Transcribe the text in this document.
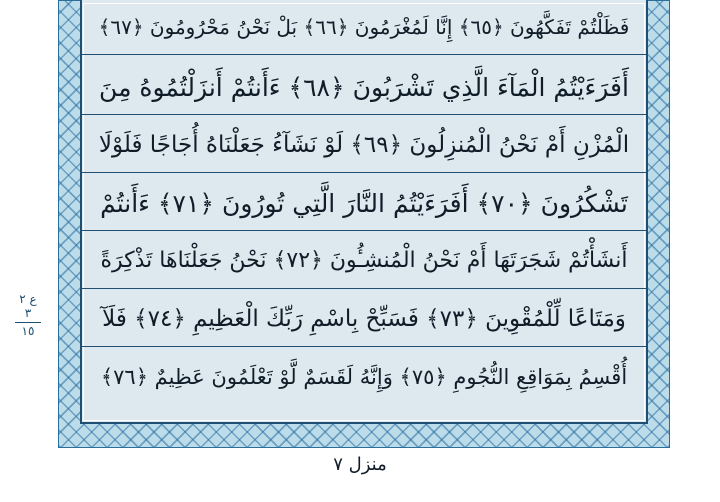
فَظَلْتُمْ تَفَكَّهُونَ ﴿٦٥﴾ إِنَّا لَمُغْرَمُونَ ﴿٦٦﴾ بَلْ نَحْنُ مَحْرُومُونَ ﴿٦٧﴾
أَفَرَءَيْتُمُ الْمَآءَ الَّذِي تَشْرَبُونَ ﴿٦٨﴾ ءَأَنتُمْ أَنزَلْتُمُوهُ مِنَ
الْمُزْنِ أَمْ نَحْنُ الْمُنزِلُونَ ﴿٦٩﴾ لَوْ نَشَآءُ جَعَلْنَاهُ أُجَاجًا فَلَوْلَا
تَشْكُرُونَ ﴿٧٠﴾ أَفَرَءَيْتُمُ النَّارَ الَّتِي تُورُونَ ﴿٧١﴾ ءَأَنتُمْ
أَنشَأْتُمْ شَجَرَتَهَا أَمْ نَحْنُ الْمُنشِـُٔونَ ﴿٧٢﴾ نَحْنُ جَعَلْنَاهَا تَذْكِرَةً
وَمَتَاعًا لِّلْمُقْوِينَ ﴿٧٣﴾ فَسَبِّحْ بِاسْمِ رَبِّكَ الْعَظِيمِ ﴿٧٤﴾ فَلَآ
أُقْسِمُ بِمَوَاقِعِ النُّجُومِ ﴿٧٥﴾ وَإِنَّهُ لَقَسَمٌ لَّوْ تَعْلَمُونَ عَظِيمٌ ﴿٧٦﴾
ع ۲
٣
١٥
منزل ۷
